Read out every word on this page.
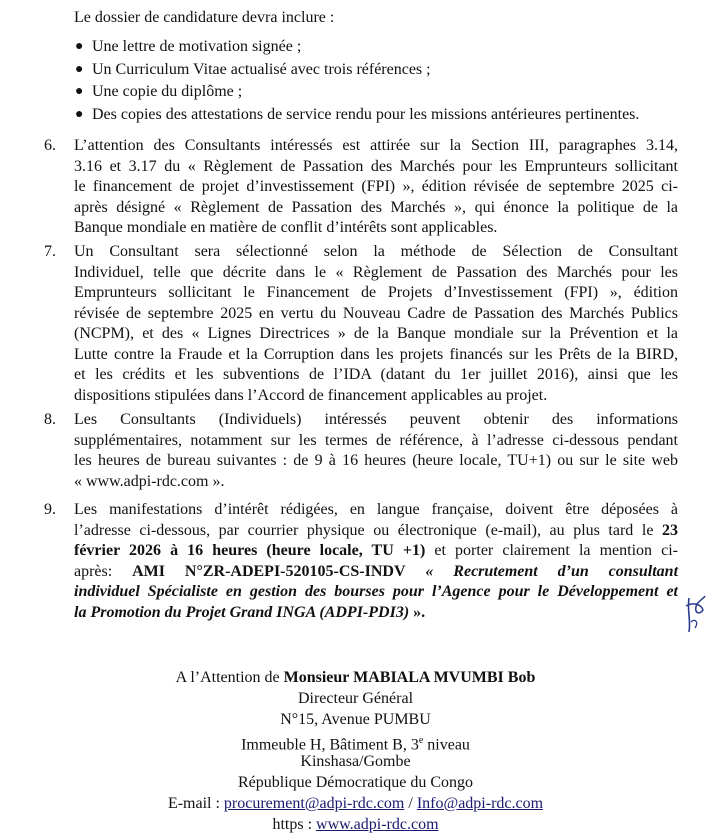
Le dossier de candidature devra inclure :
● Une lettre de motivation signée ;
● Un Curriculum Vitae actualisé avec trois références ;
● Une copie du diplôme ;
● Des copies des attestations de service rendu pour les missions antérieures pertinentes.
6. L’attention des Consultants intéressés est attirée sur la Section III, paragraphes 3.14,
3.16 et 3.17 du « Règlement de Passation des Marchés pour les Emprunteurs sollicitant
le financement de projet d’investissement (FPI) », édition révisée de septembre 2025 ci-
après désigné « Règlement de Passation des Marchés », qui énonce la politique de la
Banque mondiale en matière de conflit d’intérêts sont applicables.
7. Un Consultant sera sélectionné selon la méthode de Sélection de Consultant
Individuel, telle que décrite dans le « Règlement de Passation des Marchés pour les
Emprunteurs sollicitant le Financement de Projets d’Investissement (FPI) », édition
révisée de septembre 2025 en vertu du Nouveau Cadre de Passation des Marchés Publics
(NCPM), et des « Lignes Directrices » de la Banque mondiale sur la Prévention et la
Lutte contre la Fraude et la Corruption dans les projets financés sur les Prêts de la BIRD,
et les crédits et les subventions de l’IDA (datant du 1er juillet 2016), ainsi que les
dispositions stipulées dans l’Accord de financement applicables au projet.
8. Les Consultants (Individuels) intéressés peuvent obtenir des informations
supplémentaires, notamment sur les termes de référence, à l’adresse ci-dessous pendant
les heures de bureau suivantes : de 9 à 16 heures (heure locale, TU+1) ou sur le site web
« www.adpi-rdc.com ».
9. Les manifestations d’intérêt rédigées, en langue française, doivent être déposées à
l’adresse ci-dessous, par courrier physique ou électronique (e-mail), au plus tard le 23
février 2026 à 16 heures (heure locale, TU +1) et porter clairement la mention ci-
après: AMI N°ZR-ADEPI-520105-CS-INDV « Recrutement d’un consultant
individuel Spécialiste en gestion des bourses pour l’Agence pour le Développement et
la Promotion du Projet Grand INGA (ADPI-PDI3) ».
A l’Attention de Monsieur MABIALA MVUMBI Bob
Directeur Général
N°15, Avenue PUMBU
Immeuble H, Bâtiment B, 3e niveau
Kinshasa/Gombe
République Démocratique du Congo
E-mail : procurement@adpi-rdc.com / Info@adpi-rdc.com
https : www.adpi-rdc.com
